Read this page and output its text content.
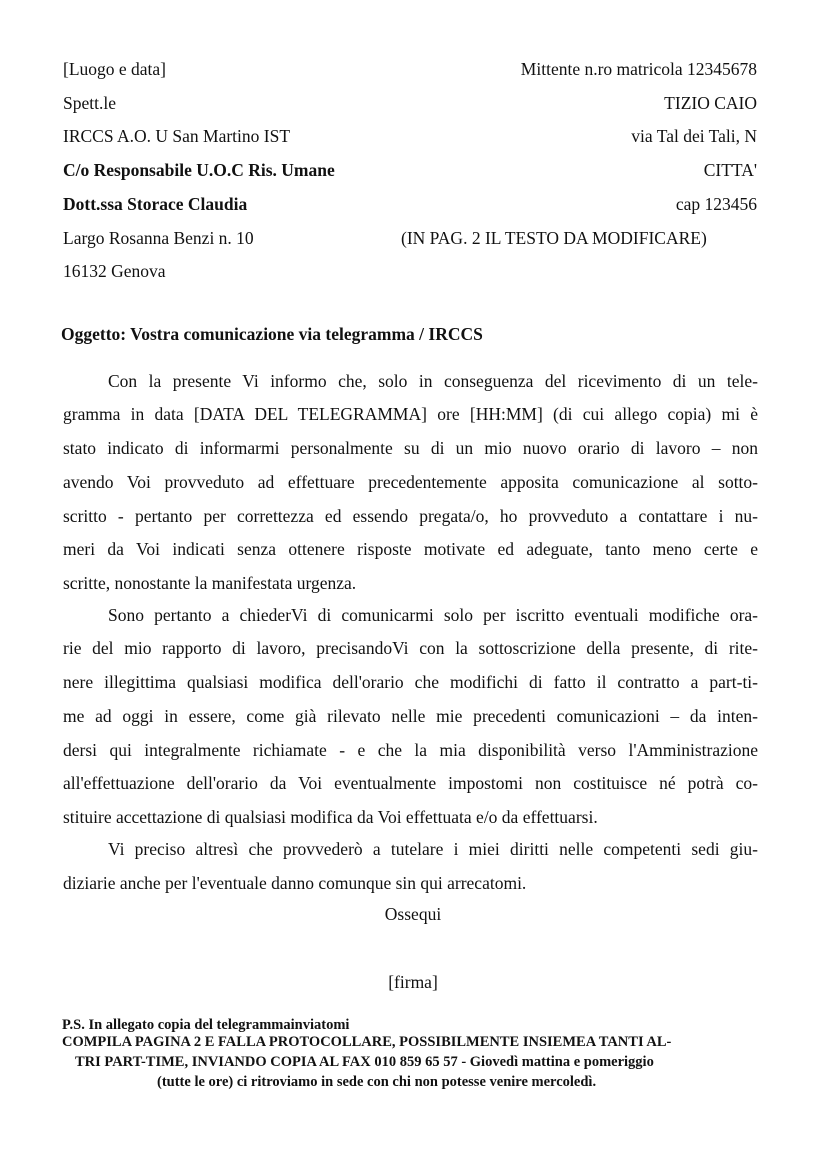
[Luogo e data]
Spett.le
IRCCS A.O. U San Martino IST
C/o Responsabile U.O.C Ris. Umane
Dott.ssa Storace Claudia
Largo Rosanna Benzi n. 10
16132 Genova
Mittente n.ro matricola 12345678
TIZIO CAIO
via Tal dei Tali, N
CITTA'
cap 123456
(IN PAG. 2 IL TESTO DA MODIFICARE)
Oggetto: Vostra comunicazione via telegramma / IRCCS
Con la presente Vi informo che, solo in conseguenza del ricevimento di un tele-
gramma in data [DATA DEL TELEGRAMMA] ore [HH:MM] (di cui allego copia) mi è
stato indicato di informarmi personalmente su di un mio nuovo orario di lavoro – non
avendo Voi provveduto ad effettuare precedentemente apposita comunicazione al sotto-
scritto - pertanto per correttezza ed essendo pregata/o, ho provveduto a contattare i nu-
meri da Voi indicati senza ottenere risposte motivate ed adeguate, tanto meno certe e
scritte, nonostante la manifestata urgenza.
Sono pertanto a chiederVi di comunicarmi solo per iscritto eventuali modifiche ora-
rie del mio rapporto di lavoro, precisandoVi con la sottoscrizione della presente, di rite-
nere illegittima qualsiasi modifica dell'orario che modifichi di fatto il contratto a part-ti-
me ad oggi in essere, come già rilevato nelle mie precedenti comunicazioni – da inten-
dersi qui integralmente richiamate - e che la mia disponibilità verso l'Amministrazione
all'effettuazione dell'orario da Voi eventualmente impostomi non costituisce né potrà co-
stituire accettazione di qualsiasi modifica da Voi effettuata e/o da effettuarsi.
Vi preciso altresì che provvederò a tutelare i miei diritti nelle competenti sedi giu-
diziarie anche per l'eventuale danno comunque sin qui arrecatomi.
Ossequi
[firma]
P.S. In allegato copia del telegrammainviatomi
COMPILA PAGINA 2 E FALLA PROTOCOLLARE, POSSIBILMENTE INSIEMEA TANTI AL-
TRI PART-TIME, INVIANDO COPIA AL FAX 010 859 65 57 - Giovedì mattina e pomeriggio
(tutte le ore) ci ritroviamo in sede con chi non potesse venire mercoledì.
